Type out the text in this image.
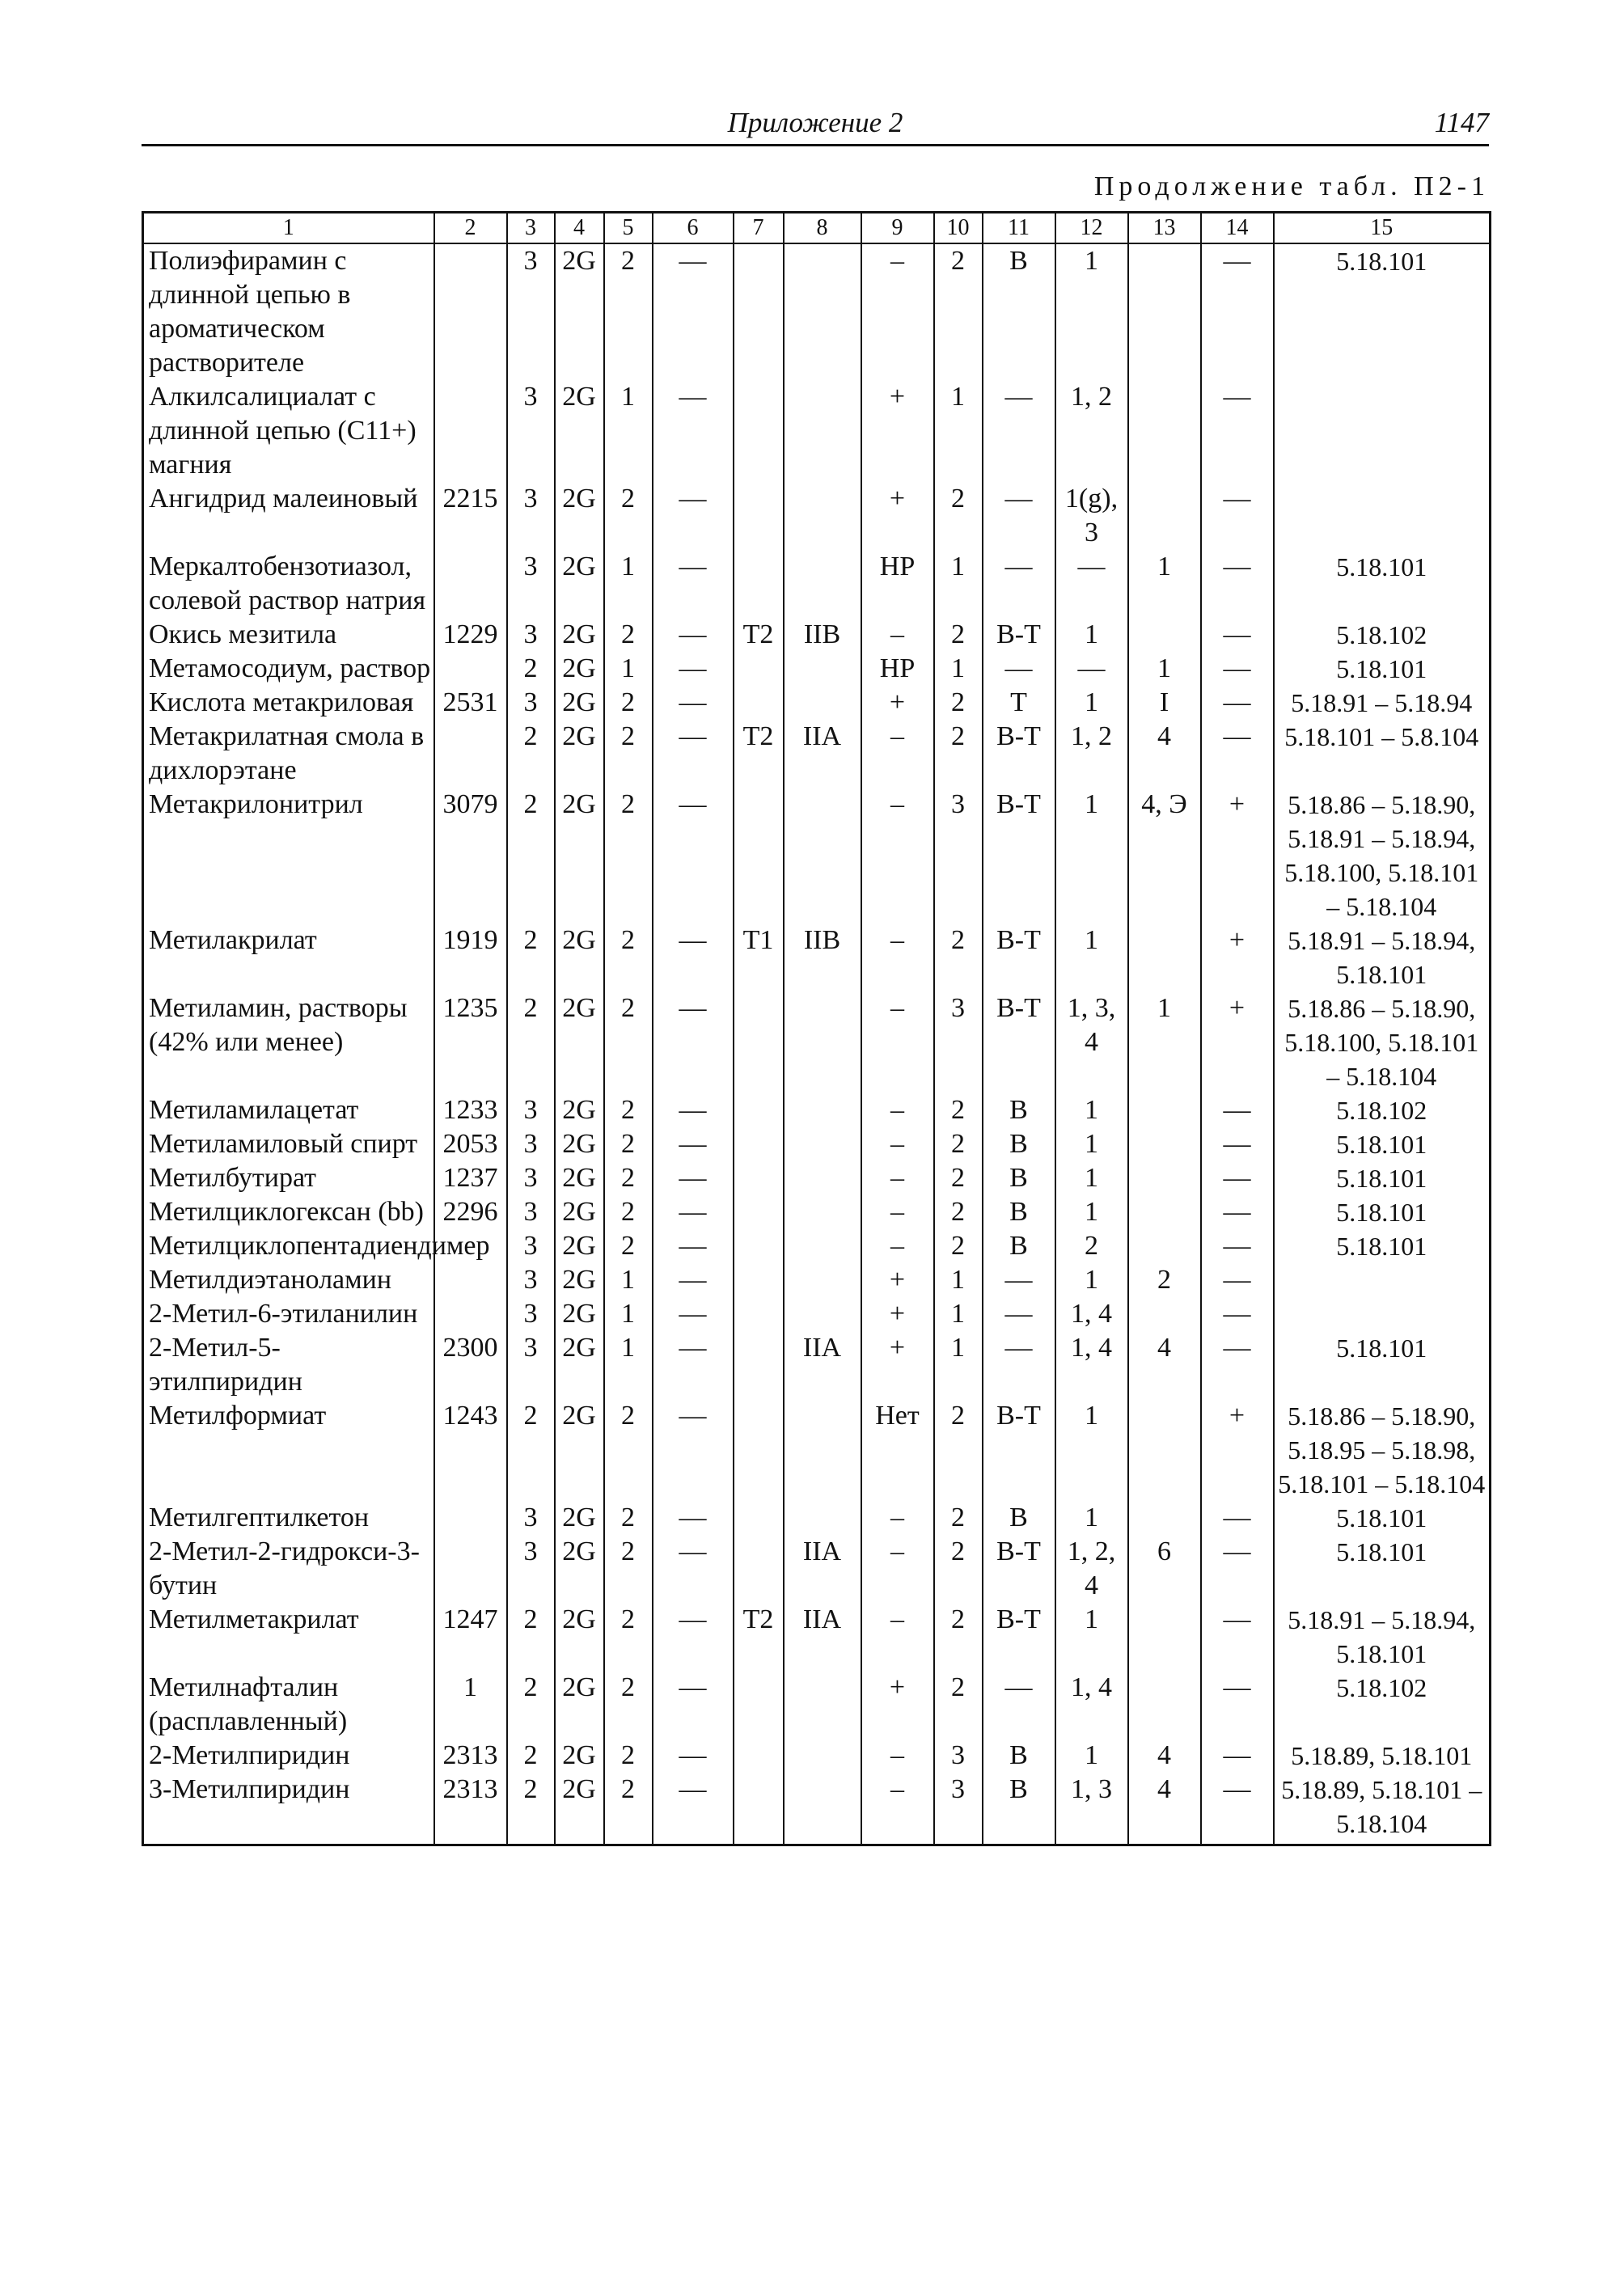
Приложение 2	1147
Продолжение табл. П2-1
1	2	3	4	5	6	7	8	9	10	11	12	13	14	15
Полиэфирамин с длинной цепью в ароматическом растворителе		3	2G	2	—			–	2	B	1		—	5.18.101
Алкилсалициалат с длинной цепью (С11+) магния		3	2G	1	—			+	1	—	1, 2		—	
Ангидрид малеиновый	2215	3	2G	2	—			+	2	—	1(g), 3		—	
Меркалтобензотиазол, солевой раствор натрия		3	2G	1	—			НР	1	—	—	1	—	5.18.101
Окись мезитила	1229	3	2G	2	—	T2	IIB	–	2	B-T	1		—	5.18.102
Метамосодиум, раствор		2	2G	1	—			НР	1	—	—	1	—	5.18.101
Кислота метакриловая	2531	3	2G	2	—			+	2	T	1	I	—	5.18.91 – 5.18.94
Метакрилатная смола в дихлорэтане		2	2G	2	—	T2	IIA	–	2	B-T	1, 2	4	—	5.18.101 – 5.8.104
Метакрилонитрил	3079	2	2G	2	—			–	3	B-T	1	4, Э	+	5.18.86 – 5.18.90, 5.18.91 – 5.18.94, 5.18.100, 5.18.101 – 5.18.104
Метилакрилат	1919	2	2G	2	—	T1	IIB	–	2	B-T	1		+	5.18.91 – 5.18.94, 5.18.101
Метиламин, растворы (42% или менее)	1235	2	2G	2	—			–	3	B-T	1, 3, 4	1	+	5.18.86 – 5.18.90, 5.18.100, 5.18.101 – 5.18.104
Метиламилацетат	1233	3	2G	2	—			–	2	B	1		—	5.18.102
Метиламиловый спирт	2053	3	2G	2	—			–	2	B	1		—	5.18.101
Метилбутират	1237	3	2G	2	—			–	2	B	1		—	5.18.101
Метилциклогексан (bb)	2296	3	2G	2	—			–	2	B	1		—	5.18.101
Метилциклопентадиендимер		3	2G	2	—			–	2	B	2		—	5.18.101
Метилдиэтаноламин		3	2G	1	—			+	1	—	1	2	—	
2-Метил-6-этиланилин		3	2G	1	—			+	1	—	1, 4		—	
2-Метил-5-этилпиридин	2300	3	2G	1	—		IIA	+	1	—	1, 4	4	—	5.18.101
Метилформиат	1243	2	2G	2	—			Нет	2	B-T	1		+	5.18.86 – 5.18.90, 5.18.95 – 5.18.98, 5.18.101 – 5.18.104
Метилгептилкетон		3	2G	2	—			–	2	B	1		—	5.18.101
2-Метил-2-гидрокси-3-бутин		3	2G	2	—		IIA	–	2	B-T	1, 2, 4	6	—	5.18.101
Метилметакрилат	1247	2	2G	2	—	T2	IIA	–	2	B-T	1		—	5.18.91 – 5.18.94, 5.18.101
Метилнафталин (расплавленный)	1	2	2G	2	—			+	2	—	1, 4		—	5.18.102
2-Метилпиридин	2313	2	2G	2	—			–	3	B	1	4	—	5.18.89, 5.18.101
3-Метилпиридин	2313	2	2G	2	—			–	3	B	1, 3	4	—	5.18.89, 5.18.101 – 5.18.104
